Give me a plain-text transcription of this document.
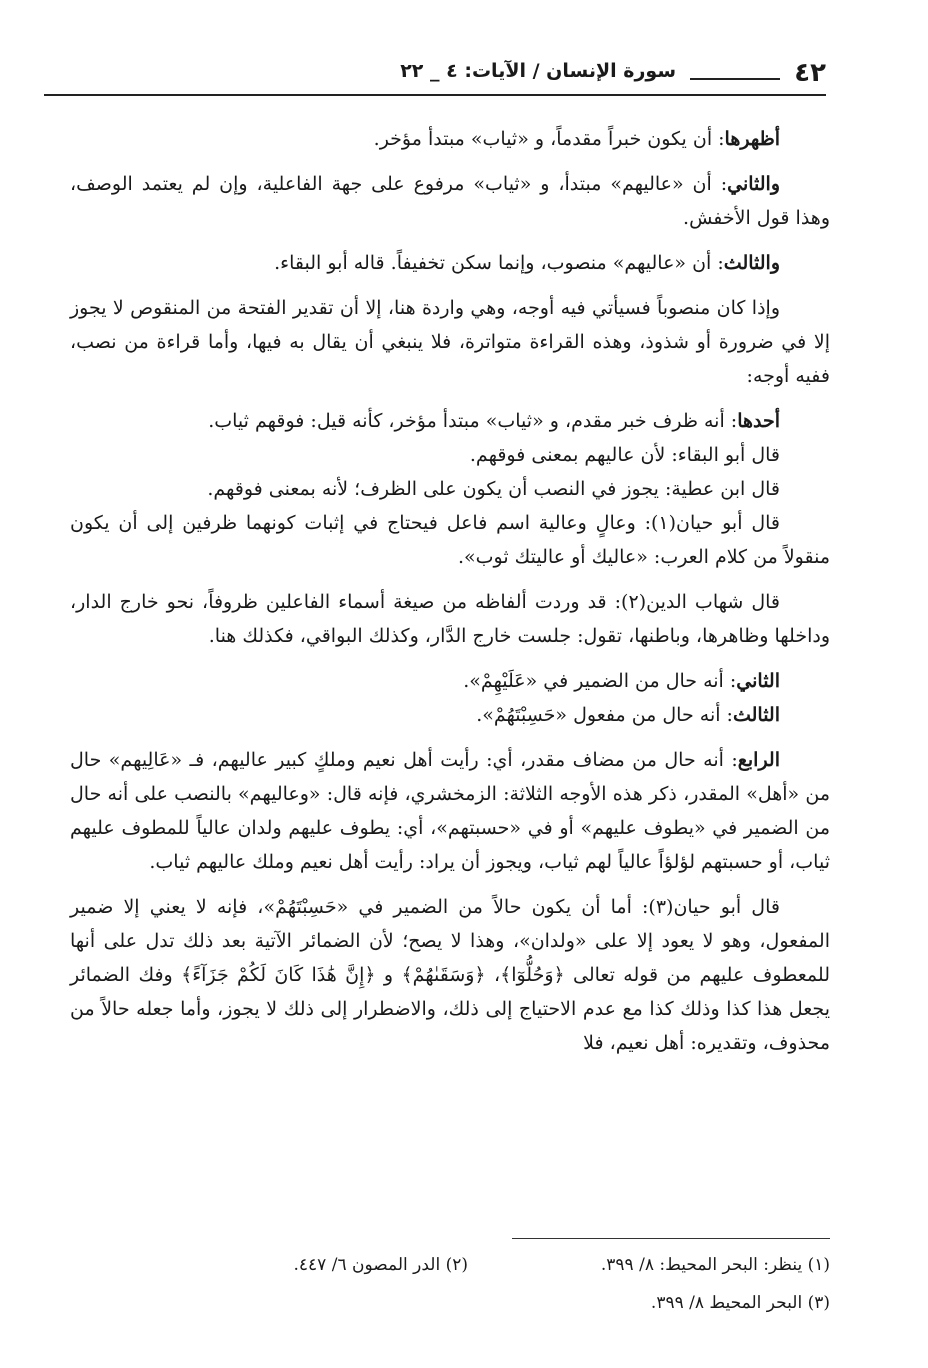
٤٢
سورة الإنسان / الآيات: ٤ _ ٢٢

أظهرها: أن يكون خبراً مقدماً، و «ثياب» مبتدأ مؤخر.

والثاني: أن «عاليهم» مبتدأ، و «ثياب» مرفوع على جهة الفاعلية، وإن لم يعتمد الوصف، وهذا قول الأخفش.

والثالث: أن «عاليهم» منصوب، وإنما سكن تخفيفاً. قاله أبو البقاء.

وإذا كان منصوباً فسيأتي فيه أوجه، وهي واردة هنا، إلا أن تقدير الفتحة من المنقوص لا يجوز إلا في ضرورة أو شذوذ، وهذه القراءة متواترة، فلا ينبغي أن يقال به فيها، وأما قراءة من نصب، ففيه أوجه:

أحدها: أنه ظرف خبر مقدم، و «ثياب» مبتدأ مؤخر، كأنه قيل: فوقهم ثياب.

قال أبو البقاء: لأن عاليهم بمعنى فوقهم.

قال ابن عطية: يجوز في النصب أن يكون على الظرف؛ لأنه بمعنى فوقهم.

قال أبو حيان(١): وعالٍ وعالية اسم فاعل فيحتاج في إثبات كونهما ظرفين إلى أن يكون منقولاً من كلام العرب: «عاليك أو عاليتك ثوب».

قال شهاب الدين(٢): قد وردت ألفاظه من صيغة أسماء الفاعلين ظروفاً، نحو خارج الدار، وداخلها وظاهرها، وباطنها، تقول: جلست خارج الدَّار، وكذلك البواقي، فكذلك هنا.

الثاني: أنه حال من الضمير في «عَلَيْهِمْ».

الثالث: أنه حال من مفعول «حَسِبْتَهُمْ».

الرابع: أنه حال من مضاف مقدر، أي: رأيت أهل نعيم وملكٍ كبير عاليهم، فـ «عَالِيهم» حال من «أهل» المقدر، ذكر هذه الأوجه الثلاثة: الزمخشري، فإنه قال: «وعاليهم» بالنصب على أنه حال من الضمير في «يطوف عليهم» أو في «حسبتهم»، أي: يطوف عليهم ولدان عالياً للمطوف عليهم ثياب، أو حسبتهم لؤلؤاً عالياً لهم ثياب، ويجوز أن يراد: رأيت أهل نعيم وملك عاليهم ثياب.

قال أبو حيان(٣): أما أن يكون حالاً من الضمير في «حَسِبْتَهُمْ»، فإنه لا يعني إلا ضمير المفعول، وهو لا يعود إلا على «ولدان»، وهذا لا يصح؛ لأن الضمائر الآتية بعد ذلك تدل على أنها للمعطوف عليهم من قوله تعالى ﴿وَحُلُّوٓا﴾، ﴿وَسَقَىٰهُمْ﴾ و ﴿إِنَّ هَٰذَا كَانَ لَكُمْ جَزَآءً﴾ وفك الضمائر يجعل هذا كذا وذلك كذا مع عدم الاحتياج إلى ذلك، والاضطرار إلى ذلك لا يجوز، وأما جعله حالاً من محذوف، وتقديره: أهل نعيم، فلا

(١) ينظر: البحر المحيط: ٨/ ٣٩٩.
(٢) الدر المصون ٦/ ٤٤٧.
(٣) البحر المحيط ٨/ ٣٩٩.
